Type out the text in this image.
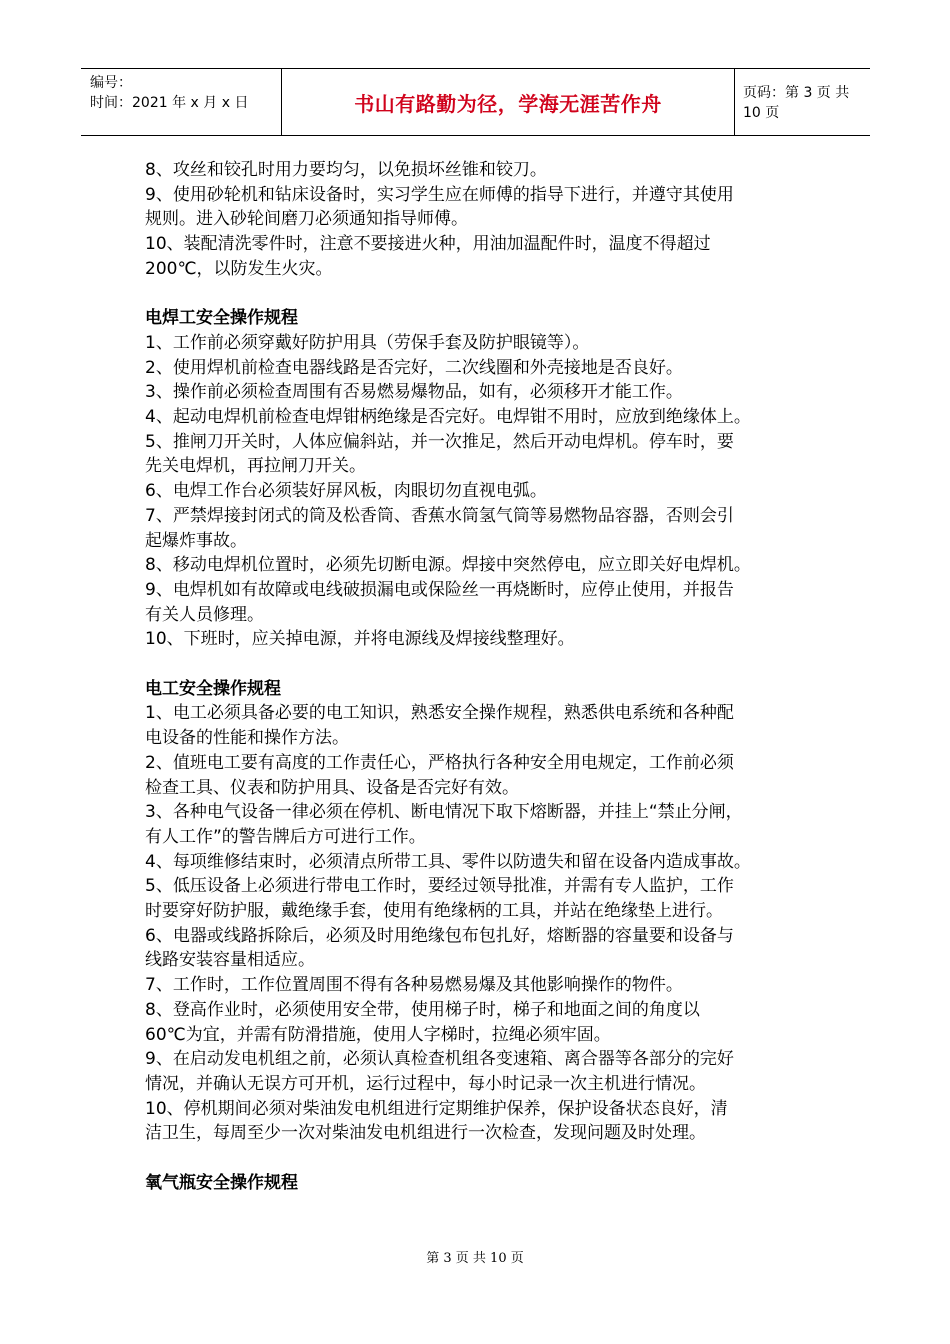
编号：
时间：2021 年 x 月 x 日	书山有路勤为径，学海无涯苦作舟	页码：第 3 页 共 10 页

8、攻丝和铰孔时用力要均匀，以免损坏丝锥和铰刀。

9、使用砂轮机和钻床设备时，实习学生应在师傅的指导下进行，并遵守其使用

规则。进入砂轮间磨刀必须通知指导师傅。

10、装配清洗零件时，注意不要接进火种，用油加温配件时，温度不得超过

200℃，以防发生火灾。

电焊工安全操作规程

1、工作前必须穿戴好防护用具（劳保手套及防护眼镜等）。

2、使用焊机前检查电器线路是否完好，二次线圈和外壳接地是否良好。

3、操作前必须检查周围有否易燃易爆物品，如有，必须移开才能工作。

4、起动电焊机前检查电焊钳柄绝缘是否完好。电焊钳不用时，应放到绝缘体上。

5、推闸刀开关时，人体应偏斜站，并一次推足，然后开动电焊机。停车时，要

先关电焊机，再拉闸刀开关。

6、电焊工作台必须装好屏风板，肉眼切勿直视电弧。

7、严禁焊接封闭式的筒及松香筒、香蕉水筒氢气筒等易燃物品容器，否则会引

起爆炸事故。

8、移动电焊机位置时，必须先切断电源。焊接中突然停电，应立即关好电焊机。

9、电焊机如有故障或电线破损漏电或保险丝一再烧断时，应停止使用，并报告

有关人员修理。

10、下班时，应关掉电源，并将电源线及焊接线整理好。

电工安全操作规程

1、电工必须具备必要的电工知识，熟悉安全操作规程，熟悉供电系统和各种配

电设备的性能和操作方法。

2、值班电工要有高度的工作责任心，严格执行各种安全用电规定，工作前必须

检查工具、仪表和防护用具、设备是否完好有效。

3、各种电气设备一律必须在停机、断电情况下取下熔断器，并挂上“禁止分闸，

有人工作”的警告牌后方可进行工作。

4、每项维修结束时，必须清点所带工具、零件以防遗失和留在设备内造成事故。

5、低压设备上必须进行带电工作时，要经过领导批准，并需有专人监护，工作

时要穿好防护服，戴绝缘手套，使用有绝缘柄的工具，并站在绝缘垫上进行。

6、电器或线路拆除后，必须及时用绝缘包布包扎好，熔断器的容量要和设备与

线路安装容量相适应。

7、工作时，工作位置周围不得有各种易燃易爆及其他影响操作的物件。

8、登高作业时，必须使用安全带，使用梯子时，梯子和地面之间的角度以

60℃为宜，并需有防滑措施，使用人字梯时，拉绳必须牢固。

9、在启动发电机组之前，必须认真检查机组各变速箱、离合器等各部分的完好

情况，并确认无误方可开机，运行过程中，每小时记录一次主机进行情况。

10、停机期间必须对柴油发电机组进行定期维护保养，保护设备状态良好，清

洁卫生，每周至少一次对柴油发电机组进行一次检查，发现问题及时处理。

氧气瓶安全操作规程

第 3 页 共 10 页
